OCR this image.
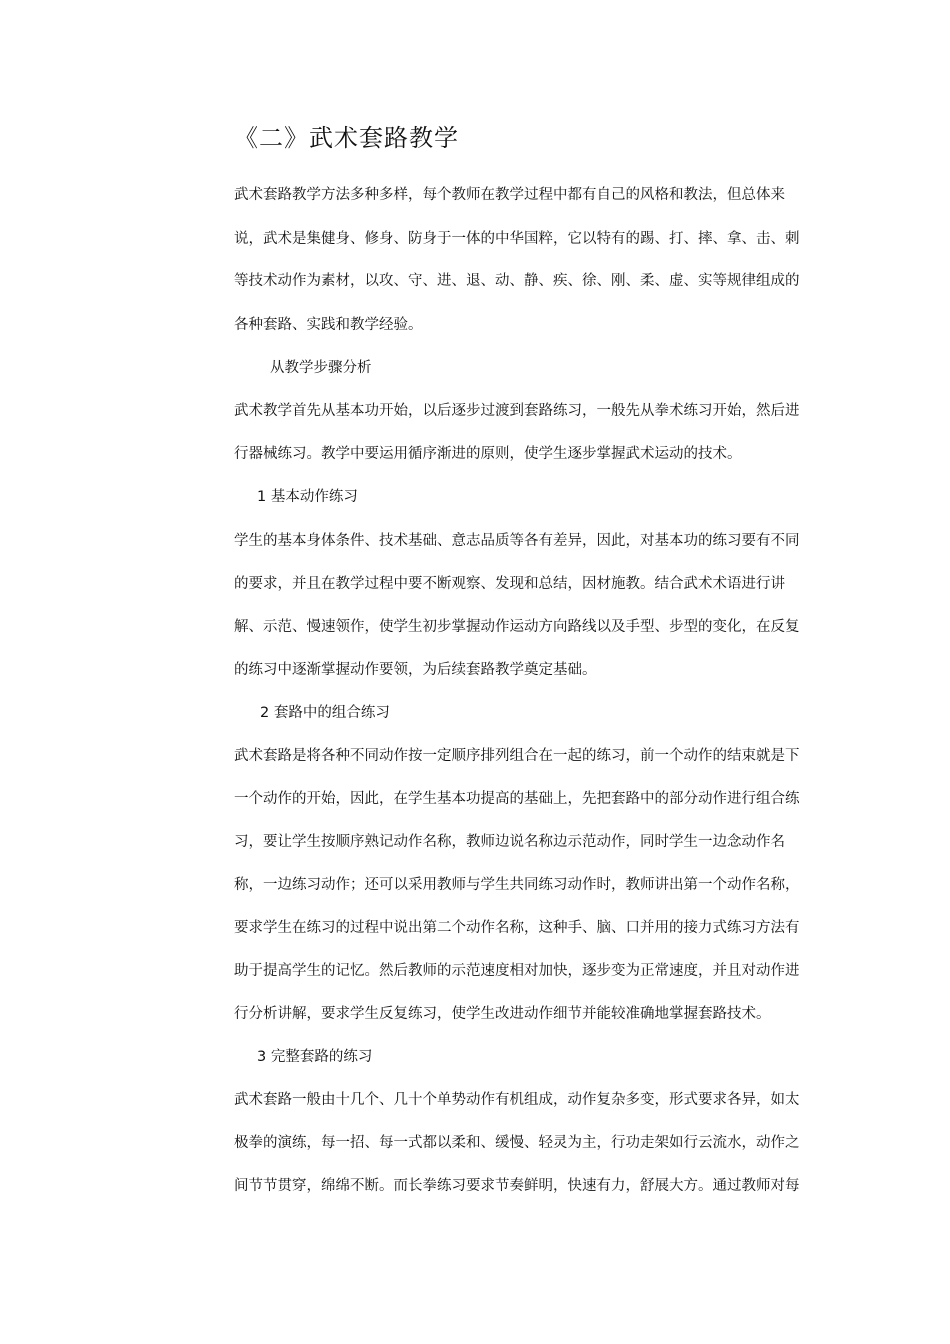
《二》武术套路教学

武术套路教学方法多种多样，每个教师在教学过程中都有自己的风格和教法，但总体来

说，武术是集健身、修身、防身于一体的中华国粹，它以特有的踢、打、摔、拿、击、刺

等技术动作为素材，以攻、守、进、退、动、静、疾、徐、刚、柔、虚、实等规律组成的

各种套路、实践和教学经验。

从教学步骤分析

武术教学首先从基本功开始，以后逐步过渡到套路练习，一般先从拳术练习开始，然后进

行器械练习。教学中要运用循序渐进的原则，使学生逐步掌握武术运动的技术。

1 基本动作练习

学生的基本身体条件、技术基础、意志品质等各有差异，因此，对基本功的练习要有不同

的要求，并且在教学过程中要不断观察、发现和总结，因材施教。结合武术术语进行讲

解、示范、慢速领作，使学生初步掌握动作运动方向路线以及手型、步型的变化，在反复

的练习中逐渐掌握动作要领，为后续套路教学奠定基础。

2 套路中的组合练习

武术套路是将各种不同动作按一定顺序排列组合在一起的练习，前一个动作的结束就是下

一个动作的开始，因此，在学生基本功提高的基础上，先把套路中的部分动作进行组合练

习，要让学生按顺序熟记动作名称，教师边说名称边示范动作，同时学生一边念动作名

称，一边练习动作；还可以采用教师与学生共同练习动作时，教师讲出第一个动作名称，

要求学生在练习的过程中说出第二个动作名称，这种手、脑、口并用的接力式练习方法有

助于提高学生的记忆。然后教师的示范速度相对加快，逐步变为正常速度，并且对动作进

行分析讲解，要求学生反复练习，使学生改进动作细节并能较准确地掌握套路技术。

3 完整套路的练习

武术套路一般由十几个、几十个单势动作有机组成，动作复杂多变，形式要求各异，如太

极拳的演练，每一招、每一式都以柔和、缓慢、轻灵为主，行功走架如行云流水，动作之

间节节贯穿，绵绵不断。而长拳练习要求节奏鲜明，快速有力，舒展大方。通过教师对每
